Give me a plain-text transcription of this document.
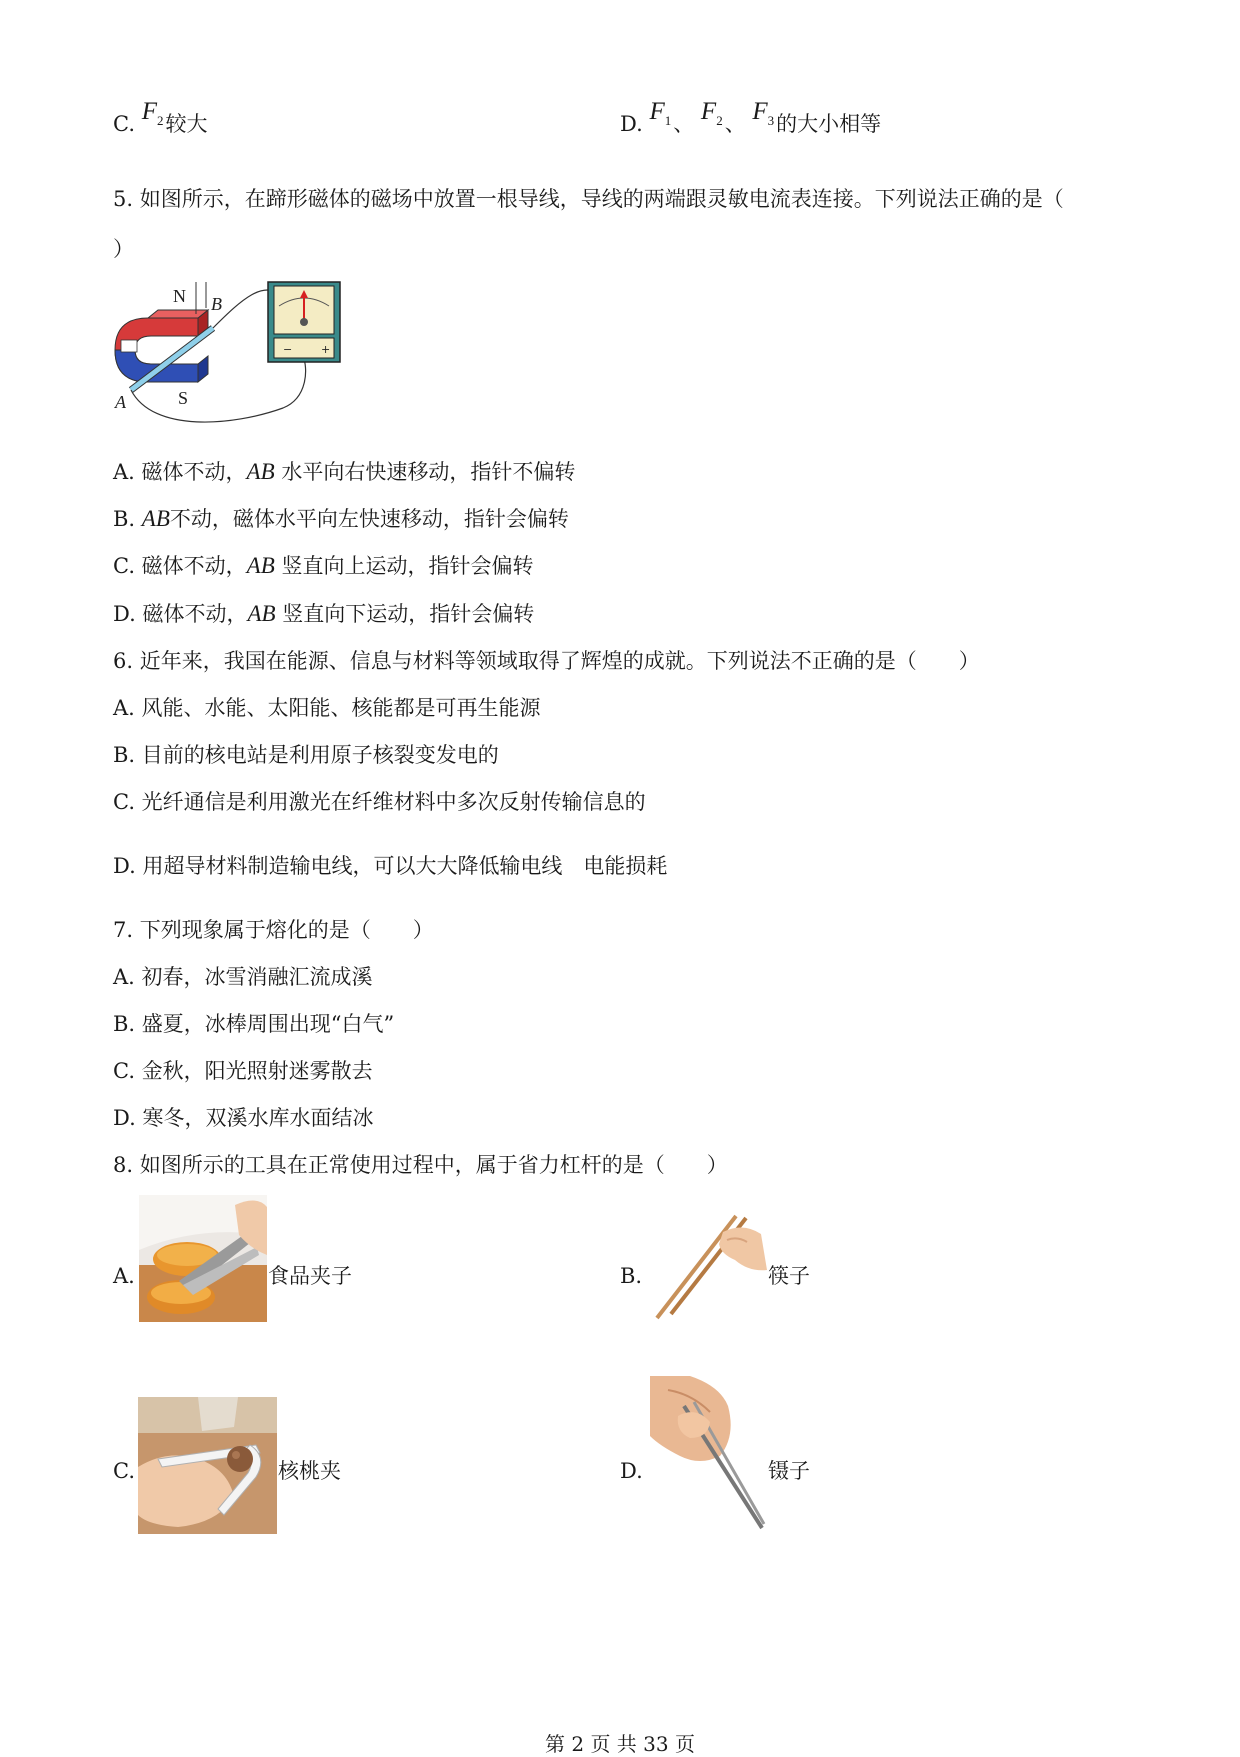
C. $F^2$较大	D. $F^1$、 $F^2$、 $F^3$的大小相等
5. 如图所示，在蹄形磁体的磁场中放置一根导线，导线的两端跟灵敏电流表连接。下列说法正确的是（
）
−	+
N B
S
A
A. 磁体不动，AB 水平向右快速移动，指针不偏转
B. AB不动，磁体水平向左快速移动，指针会偏转
C. 磁体不动，AB 竖直向上运动，指针会偏转
D. 磁体不动，AB 竖直向下运动，指针会偏转
6. 近年来，我国在能源、信息与材料等领域取得了辉煌的成就。下列说法不正确的是（　　）
A. 风能、水能、太阳能、核能都是可再生能源
B. 目前的核电站是利用原子核裂变发电的
C. 光纤通信是利用激光在纤维材料中多次反射传输信息的
D. 用超导材料制造输电线，可以大大降低输电线　电能损耗
7. 下列现象属于熔化的是（　　）
A. 初春，冰雪消融汇流成溪
B. 盛夏，冰棒周围出现“白气”
C. 金秋，阳光照射迷雾散去
D. 寒冬，双溪水库水面结冰
8. 如图所示的工具在正常使用过程中，属于省力杠杆的是（　　）
A.	食品夹子	B.	筷子
C.	核桃夹	D.	镊子
第 2 页 共 33 页
